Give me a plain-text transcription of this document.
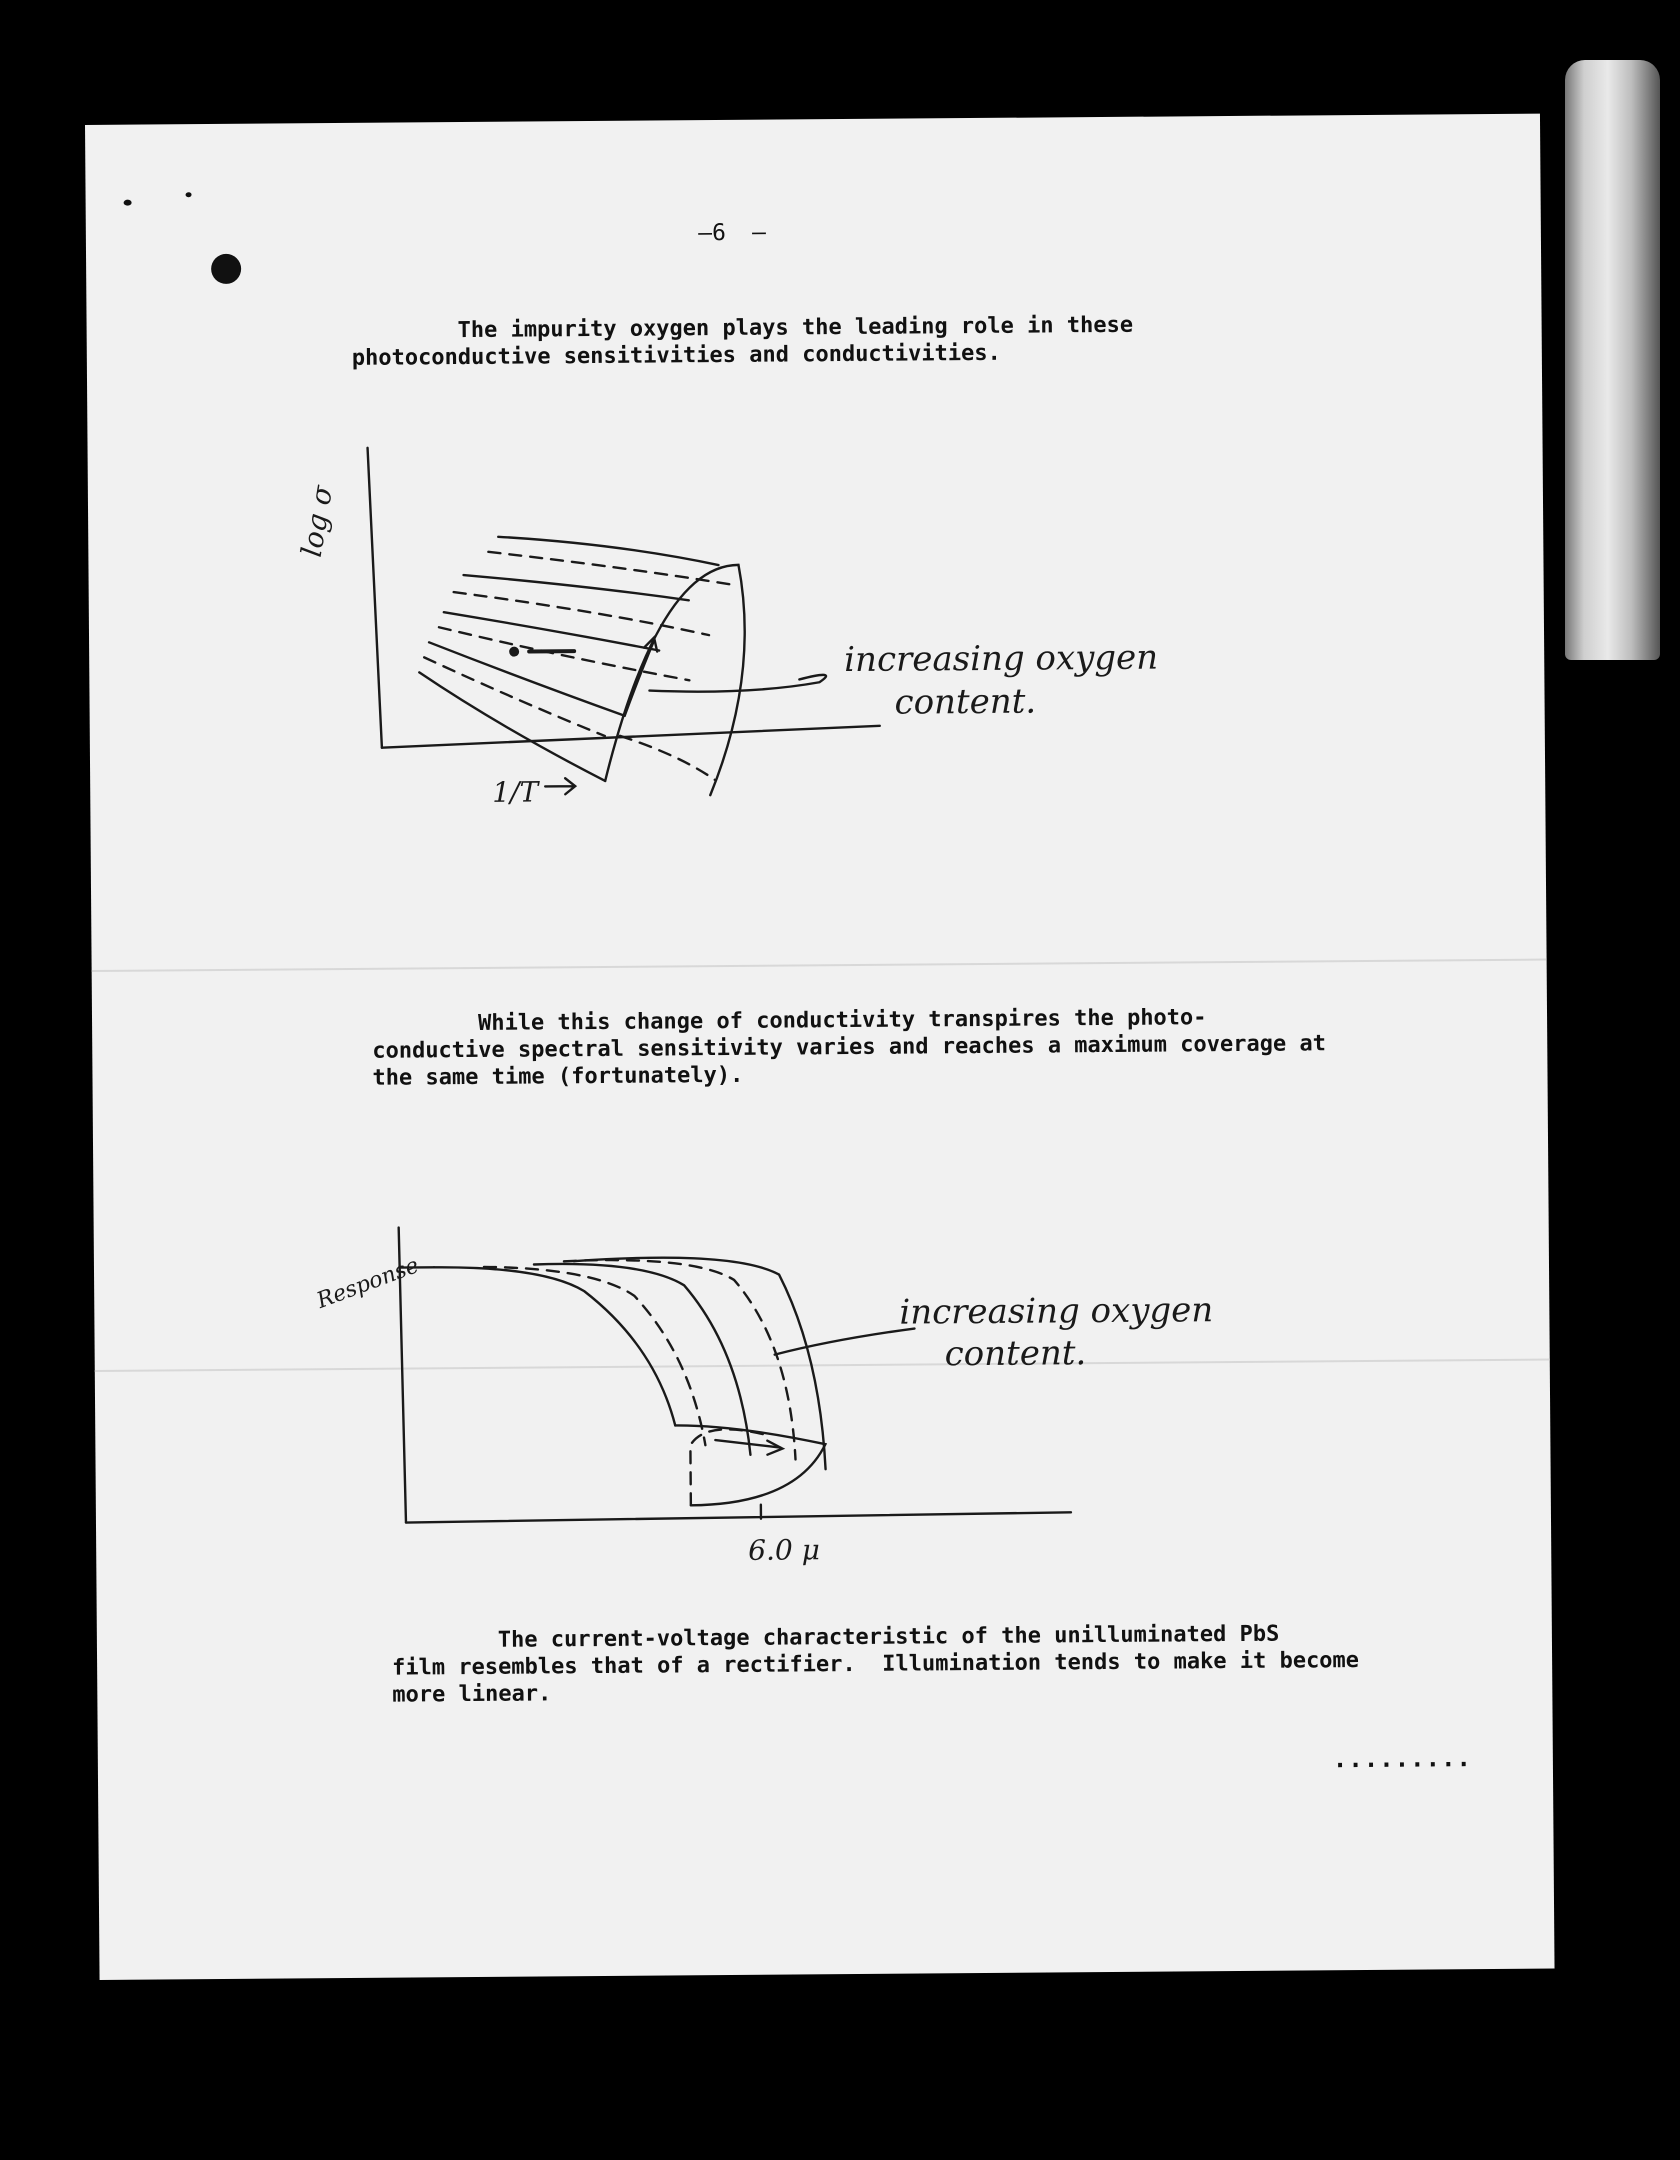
–6 –
The impurity oxygen plays the leading role in these
photoconductive sensitivities and conductivities.
log σ
1/T
increasing oxygen
content.
While this change of conductivity transpires the photo-
conductive spectral sensitivity varies and reaches a maximum coverage at
the same time (fortunately).
Response
6.0 μ
increasing oxygen
content.
The current-voltage characteristic of the unilluminated PbS
film resembles that of a rectifier.  Illumination tends to make it become
more linear.
.........
